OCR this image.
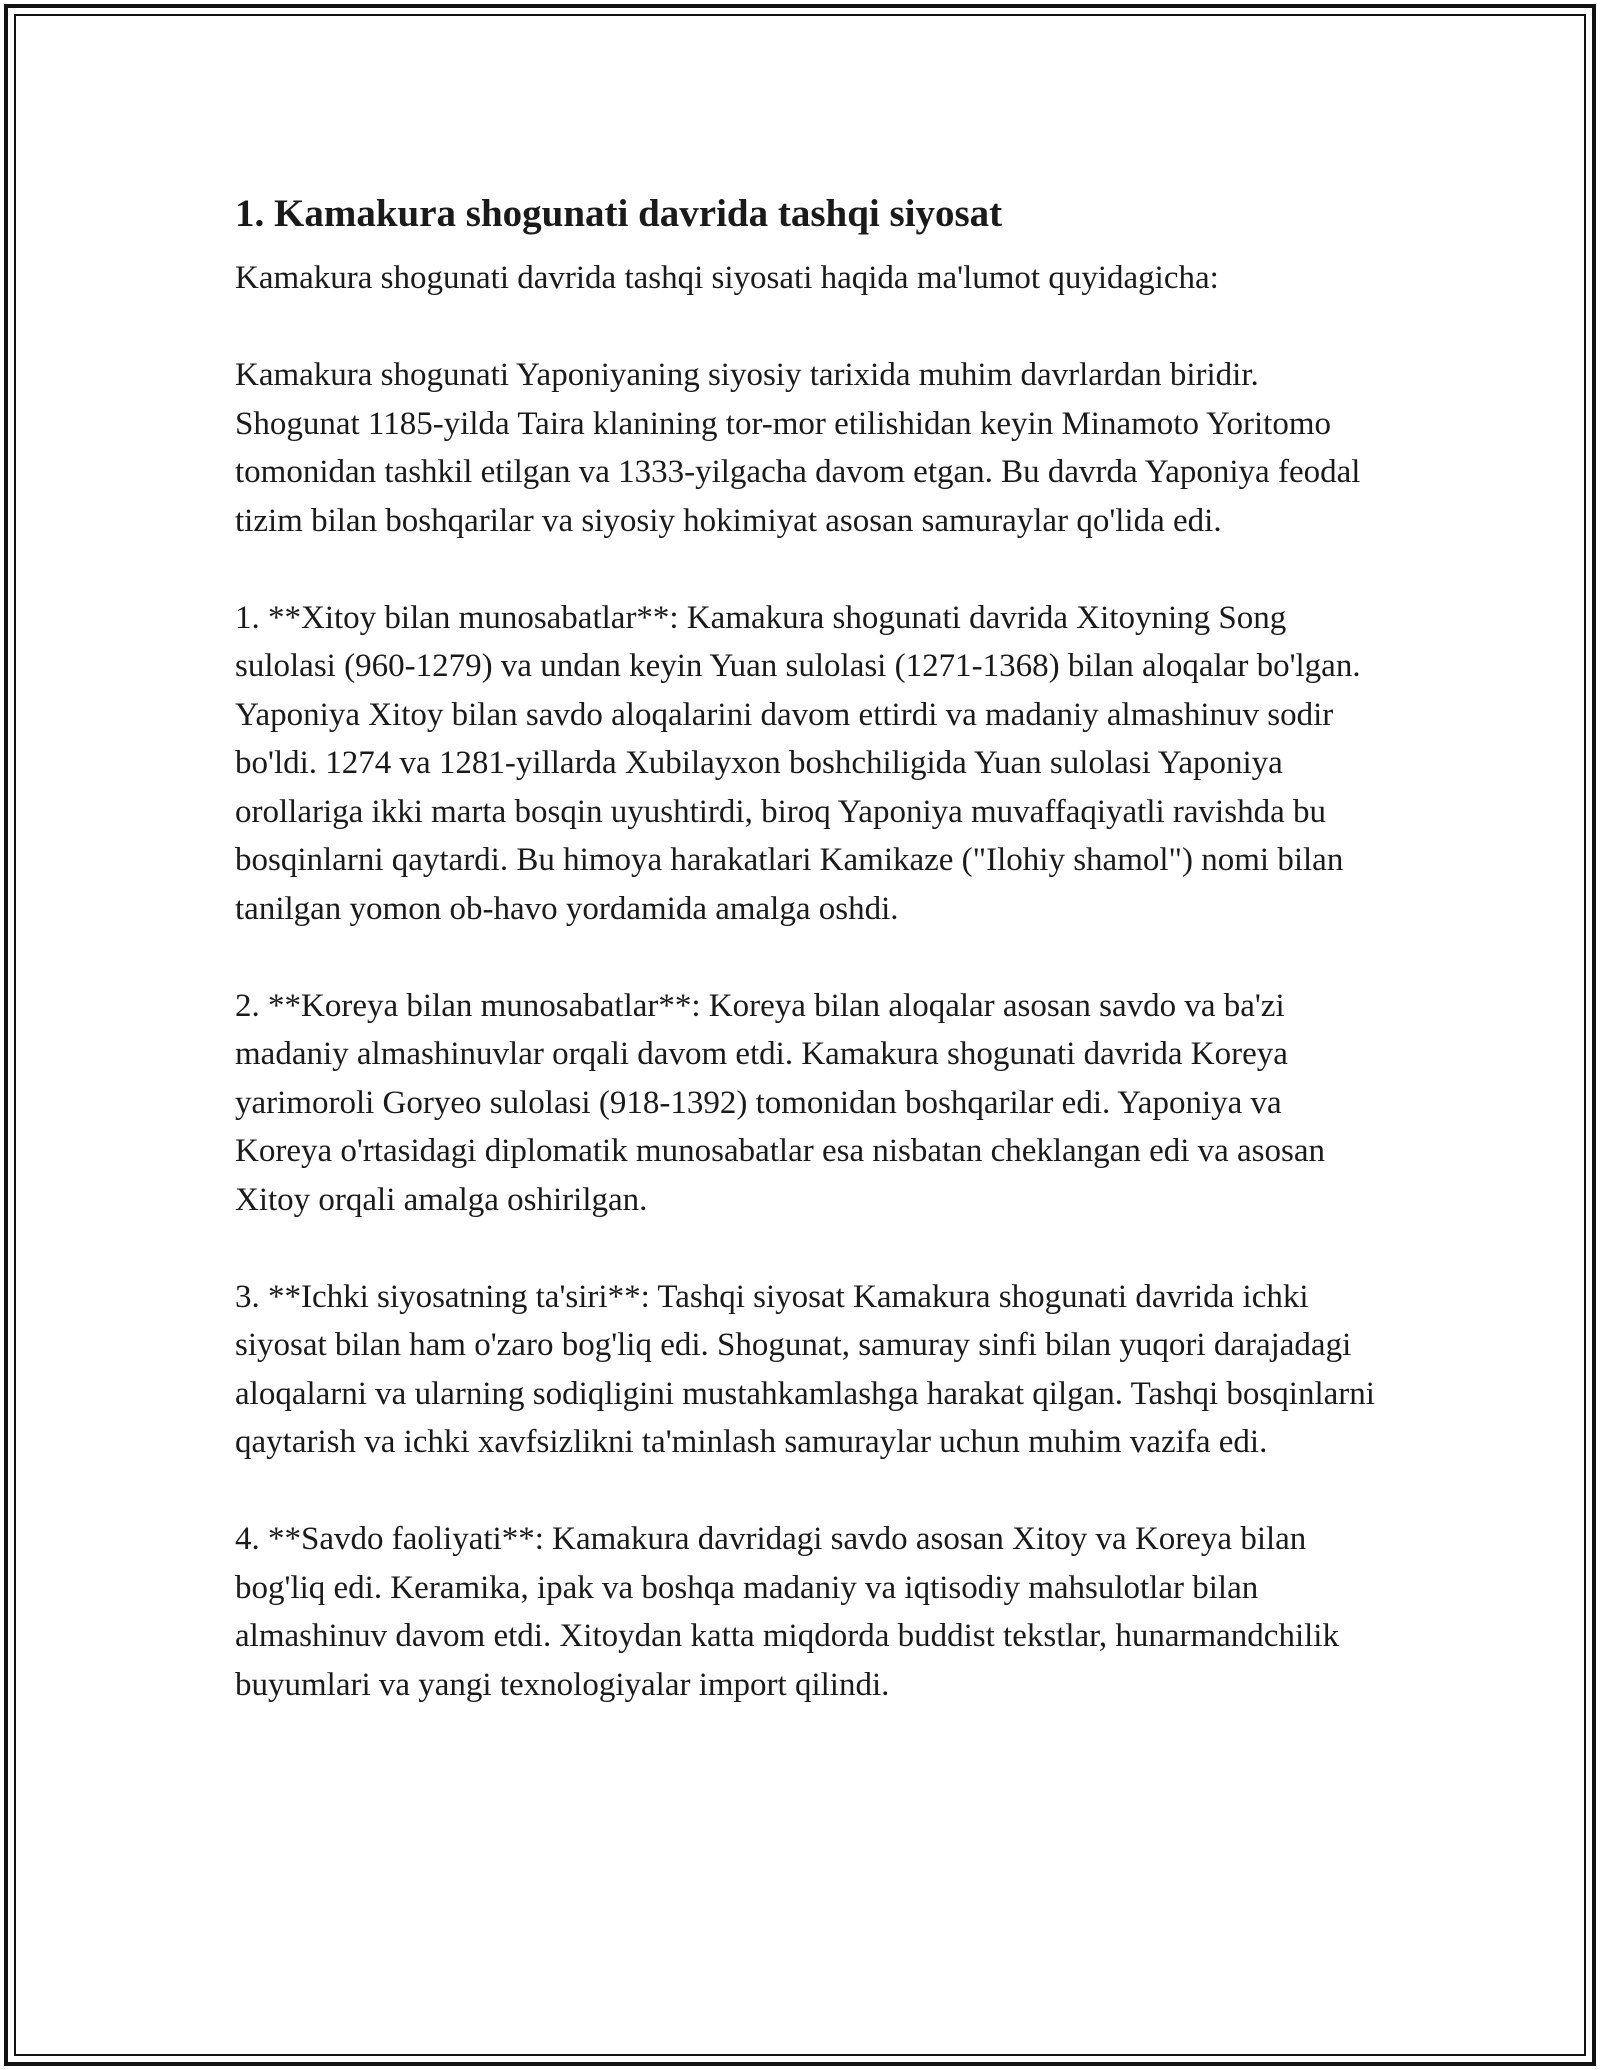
1. Kamakura shogunati davrida tashqi siyosat

Kamakura shogunati davrida tashqi siyosati haqida ma'lumot quyidagicha:

Kamakura shogunati Yaponiyaning siyosiy tarixida muhim davrlardan biridir. Shogunat 1185-yilda Taira klanining tor-mor etilishidan keyin Minamoto Yoritomo tomonidan tashkil etilgan va 1333-yilgacha davom etgan. Bu davrda Yaponiya feodal tizim bilan boshqarilar va siyosiy hokimiyat asosan samuraylar qo'lida edi.

1. **Xitoy bilan munosabatlar**: Kamakura shogunati davrida Xitoyning Song sulolasi (960-1279) va undan keyin Yuan sulolasi (1271-1368) bilan aloqalar bo'lgan. Yaponiya Xitoy bilan savdo aloqalarini davom ettirdi va madaniy almashinuv sodir bo'ldi. 1274 va 1281-yillarda Xubilayxon boshchiligida Yuan sulolasi Yaponiya orollariga ikki marta bosqin uyushtirdi, biroq Yaponiya muvaffaqiyatli ravishda bu bosqinlarni qaytardi. Bu himoya harakatlari Kamikaze ("Ilohiy shamol") nomi bilan tanilgan yomon ob-havo yordamida amalga oshdi.

2. **Koreya bilan munosabatlar**: Koreya bilan aloqalar asosan savdo va ba'zi madaniy almashinuvlar orqali davom etdi. Kamakura shogunati davrida Koreya yarimoroli Goryeo sulolasi (918-1392) tomonidan boshqarilar edi. Yaponiya va Koreya o'rtasidagi diplomatik munosabatlar esa nisbatan cheklangan edi va asosan Xitoy orqali amalga oshirilgan.

3. **Ichki siyosatning ta'siri**: Tashqi siyosat Kamakura shogunati davrida ichki siyosat bilan ham o'zaro bog'liq edi. Shogunat, samuray sinfi bilan yuqori darajadagi aloqalarni va ularning sodiqligini mustahkamlashga harakat qilgan. Tashqi bosqinlarni qaytarish va ichki xavfsizlikni ta'minlash samuraylar uchun muhim vazifa edi.

4. **Savdo faoliyati**: Kamakura davridagi savdo asosan Xitoy va Koreya bilan bog'liq edi. Keramika, ipak va boshqa madaniy va iqtisodiy mahsulotlar bilan almashinuv davom etdi. Xitoydan katta miqdorda buddist tekstlar, hunarmandchilik buyumlari va yangi texnologiyalar import qilindi.
